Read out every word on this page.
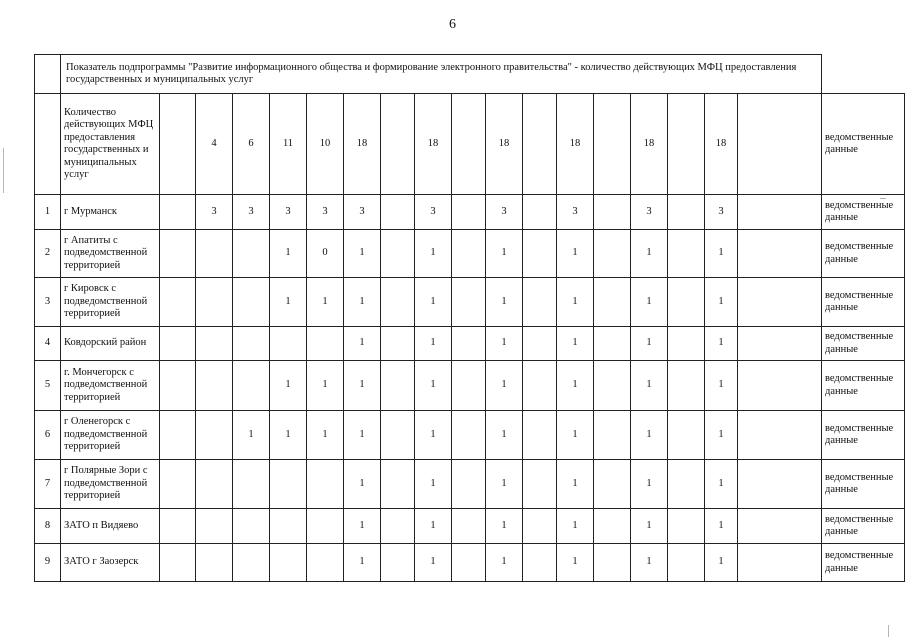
6
	Показатель подпрограммы "Развитие информационного общества и формирование электронного правительства" - количество действующих МФЦ предоставления государственных и муниципальных услуг																		
	Количество действующих МФЦ предоставления государственных и муниципальных услуг		4	6	11	10	18		18		18		18		18		18		ведомственные данные
1	г Мурманск		3	3	3	3	3		3		3		3		3		3		ведомственные данные
2	г Апатиты с подведомственной территорией				1	0	1		1		1		1		1		1		ведомственные данные
3	г Кировск с подведомственной территорией				1	1	1		1		1		1		1		1		ведомственные данные
4	Ковдорский район						1		1		1		1		1		1		ведомственные данные
5	г. Мончегорск с подведомственной территорией				1	1	1		1		1		1		1		1		ведомственные данные
6	г Оленегорск с подведомственной территорией			1	1	1	1		1		1		1		1		1		ведомственные данные
7	г Полярные Зори с подведомственной территорией						1		1		1		1		1		1		ведомственные данные
8	ЗАТО п Видяево						1		1		1		1		1		1		ведомственные данные
9	ЗАТО г Заозерск						1		1		1		1		1		1		ведомственные данные
